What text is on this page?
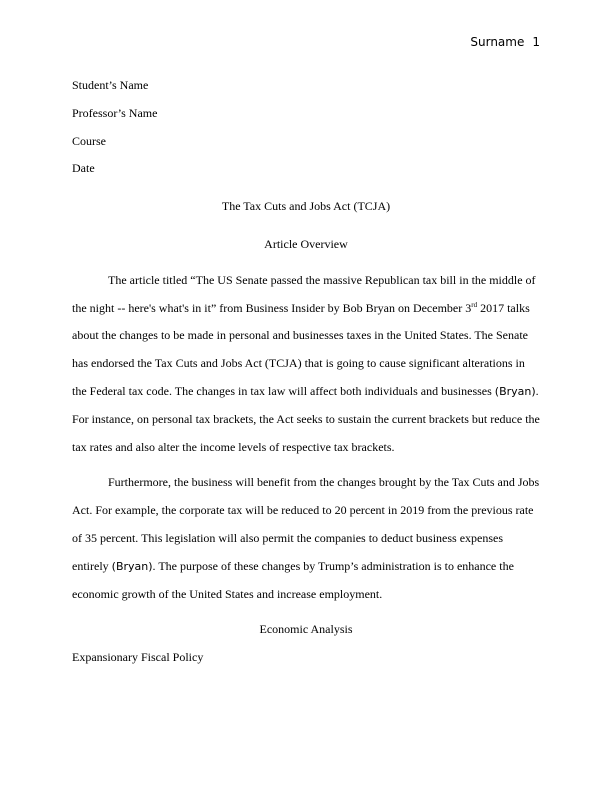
Surname 1
Student’s Name
Professor’s Name
Course
Date
The Tax Cuts and Jobs Act (TCJA)
Article Overview

The article titled “The US Senate passed the massive Republican tax bill in the middle of the night -- here's what's in it” from Business Insider by Bob Bryan on December 3rd 2017 talks about the changes to be made in personal and businesses taxes in the United States. The Senate has endorsed the Tax Cuts and Jobs Act (TCJA) that is going to cause significant alterations in the Federal tax code. The changes in tax law will affect both individuals and businesses (Bryan). For instance, on personal tax brackets, the Act seeks to sustain the current brackets but reduce the tax rates and also alter the income levels of respective tax brackets.

Furthermore, the business will benefit from the changes brought by the Tax Cuts and Jobs Act. For example, the corporate tax will be reduced to 20 percent in 2019 from the previous rate of 35 percent. This legislation will also permit the companies to deduct business expenses entirely (Bryan). The purpose of these changes by Trump’s administration is to enhance the economic growth of the United States and increase employment.

Economic Analysis
Expansionary Fiscal Policy
